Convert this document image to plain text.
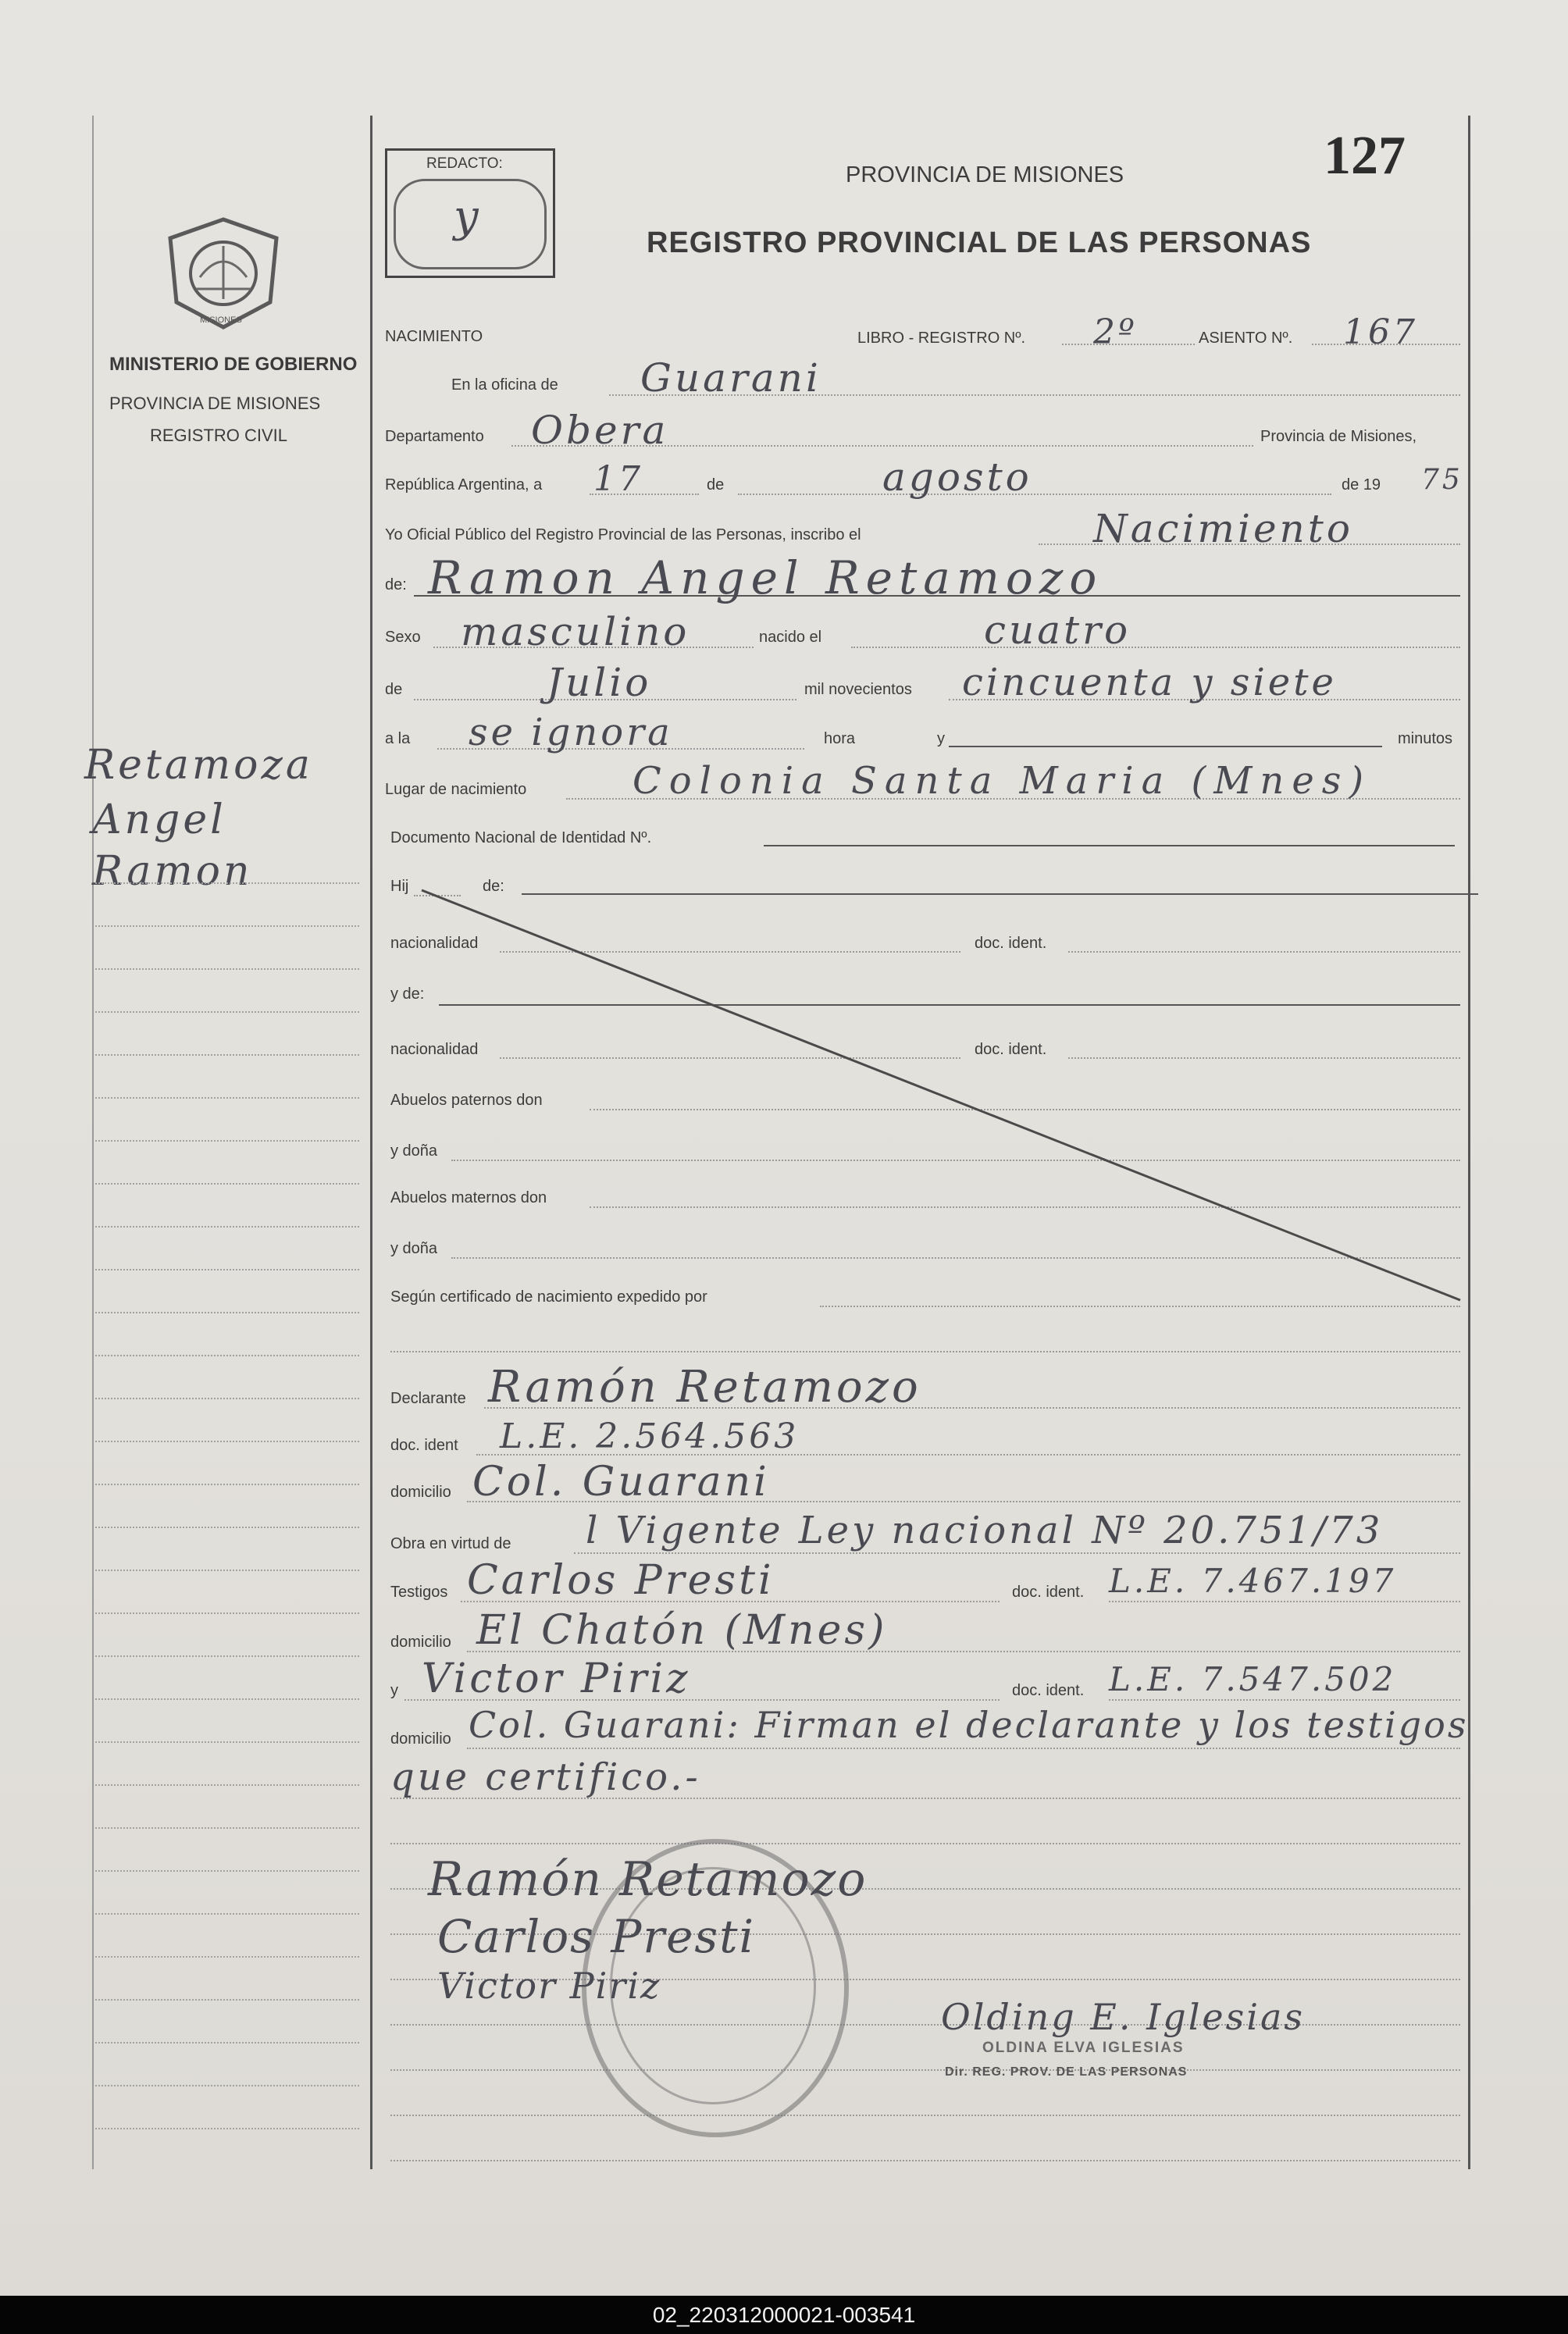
REDACTO:
y
PROVINCIA DE MISIONES
REGISTRO PROVINCIAL DE LAS PERSONAS
127
MISIONES
MINISTERIO DE GOBIERNO
PROVINCIA DE MISIONES
REGISTRO CIVIL
Retamoza
Angel
Ramon
NACIMIENTO	LIBRO - REGISTRO Nº. 2º	ASIENTO Nº. 167
En la oficina de Guarani
Departamento Obera	Provincia de Misiones,
República Argentina, a 17	de	agosto	de 19 75
Yo Oficial Público del Registro Provincial de las Personas, inscribo el	Nacimiento
de: Ramon Angel Retamozo
Sexo masculino	nacido el	cuatro
de	Julio	mil novecientos cincuenta y siete
a la se ignora	hora	y	minutos
Lugar de nacimiento	Colonia Santa Maria (Mnes)
Documento Nacional de Identidad Nº.
Hij	de:
nacionalidad	doc. ident.
y de:
nacionalidad	doc. ident.
Abuelos paternos don
y doña
Abuelos maternos don
y doña
Según certificado de nacimiento expedido por
Declarante Ramón Retamozo
doc. ident L.E. 2.564.563
domicilio Col. Guarani
Obra en virtud de l Vigente Ley nacional Nº 20.751/73
Testigos Carlos Presti	doc. ident. L.E. 7.467.197
domicilio El Chatón (Mnes)
y Victor Piriz	doc. ident. L.E. 7.547.502
domicilio Col. Guarani: Firman el declarante y los testigos
que certifico.-
Ramón Retamozo
Carlos Presti
Victor Piriz
Olding E. Iglesias
OLDINA ELVA IGLESIAS
Dir. REG. PROV. DE LAS PERSONAS
02_220312000021-003541
